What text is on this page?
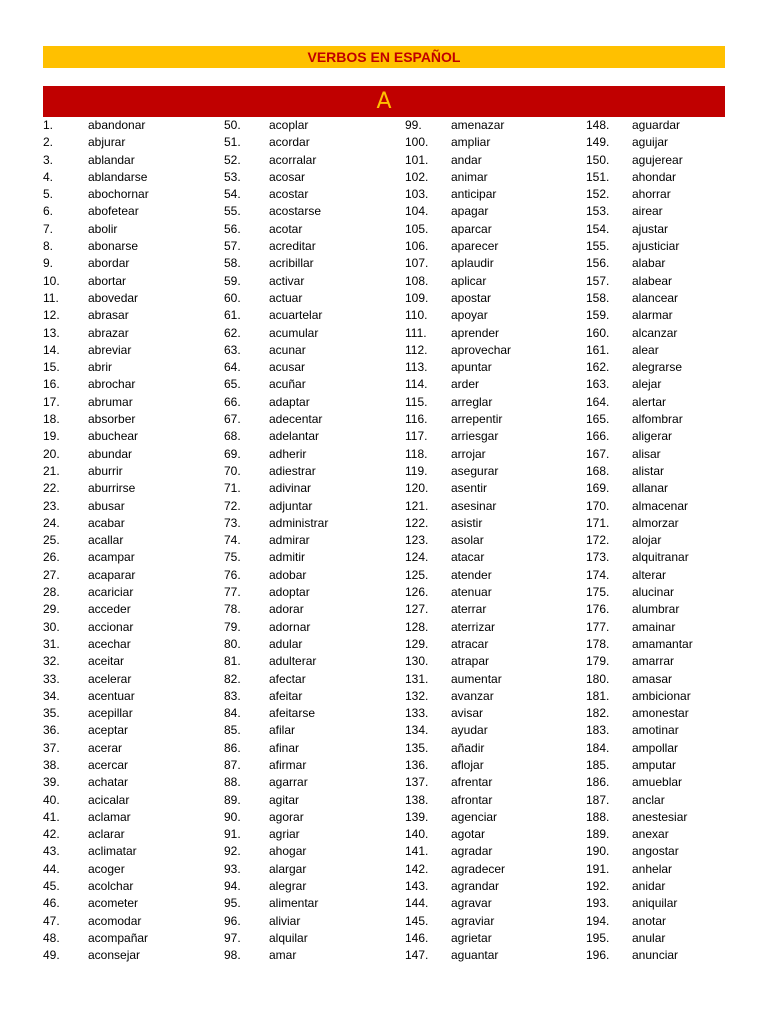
VERBOS EN ESPAÑOL
A
1.	abandonar
2.	abjurar
3.	ablandar
4.	ablandarse
5.	abochornar
6.	abofetear
7.	abolir
8.	abonarse
9.	abordar
10. abortar
11. abovedar
12. abrasar
13. abrazar
14. abreviar
15. abrir
16. abrochar
17. abrumar
18. absorber
19. abuchear
20. abundar
21. aburrir
22. aburrirse
23. abusar
24. acabar
25. acallar
26. acampar
27. acaparar
28. acariciar
29. acceder
30. accionar
31. acechar
32. aceitar
33. acelerar
34. acentuar
35. acepillar
36. aceptar
37. acerar
38. acercar
39. achatar
40. acicalar
41. aclamar
42. aclarar
43. aclimatar
44. acoger
45. acolchar
46. acometer
47. acomodar
48. acompañar
49. aconsejar
50. acoplar
51. acordar
52. acorralar
53. acosar
54. acostar
55. acostarse
56. acotar
57. acreditar
58. acribillar
59. activar
60. actuar
61. acuartelar
62. acumular
63. acunar
64. acusar
65. acuñar
66. adaptar
67. adecentar
68. adelantar
69. adherir
70. adiestrar
71. adivinar
72. adjuntar
73. administrar
74. admirar
75. admitir
76. adobar
77. adoptar
78. adorar
79. adornar
80. adular
81. adulterar
82. afectar
83. afeitar
84. afeitarse
85. afilar
86. afinar
87. afirmar
88. agarrar
89. agitar
90. agorar
91. agriar
92. ahogar
93. alargar
94. alegrar
95. alimentar
96. aliviar
97. alquilar
98. amar
99. amenazar
100. ampliar
101. andar
102. animar
103. anticipar
104. apagar
105. aparcar
106. aparecer
107. aplaudir
108. aplicar
109. apostar
110. apoyar
111. aprender
112. aprovechar
113. apuntar
114. arder
115. arreglar
116. arrepentir
117. arriesgar
118. arrojar
119. asegurar
120. asentir
121. asesinar
122. asistir
123. asolar
124. atacar
125. atender
126. atenuar
127. aterrar
128. aterrizar
129. atracar
130. atrapar
131. aumentar
132. avanzar
133. avisar
134. ayudar
135. añadir
136. aflojar
137. afrentar
138. afrontar
139. agenciar
140. agotar
141. agradar
142. agradecer
143. agrandar
144. agravar
145. agraviar
146. agrietar
147. aguantar
148. aguardar
149. aguijar
150. agujerear
151. ahondar
152. ahorrar
153. airear
154. ajustar
155. ajusticiar
156. alabar
157. alabear
158. alancear
159. alarmar
160. alcanzar
161. alear
162. alegrarse
163. alejar
164. alertar
165. alfombrar
166. aligerar
167. alisar
168. alistar
169. allanar
170. almacenar
171. almorzar
172. alojar
173. alquitranar
174. alterar
175. alucinar
176. alumbrar
177. amainar
178. amamantar
179. amarrar
180. amasar
181. ambicionar
182. amonestar
183. amotinar
184. ampollar
185. amputar
186. amueblar
187. anclar
188. anestesiar
189. anexar
190. angostar
191. anhelar
192. anidar
193. aniquilar
194. anotar
195. anular
196. anunciar
